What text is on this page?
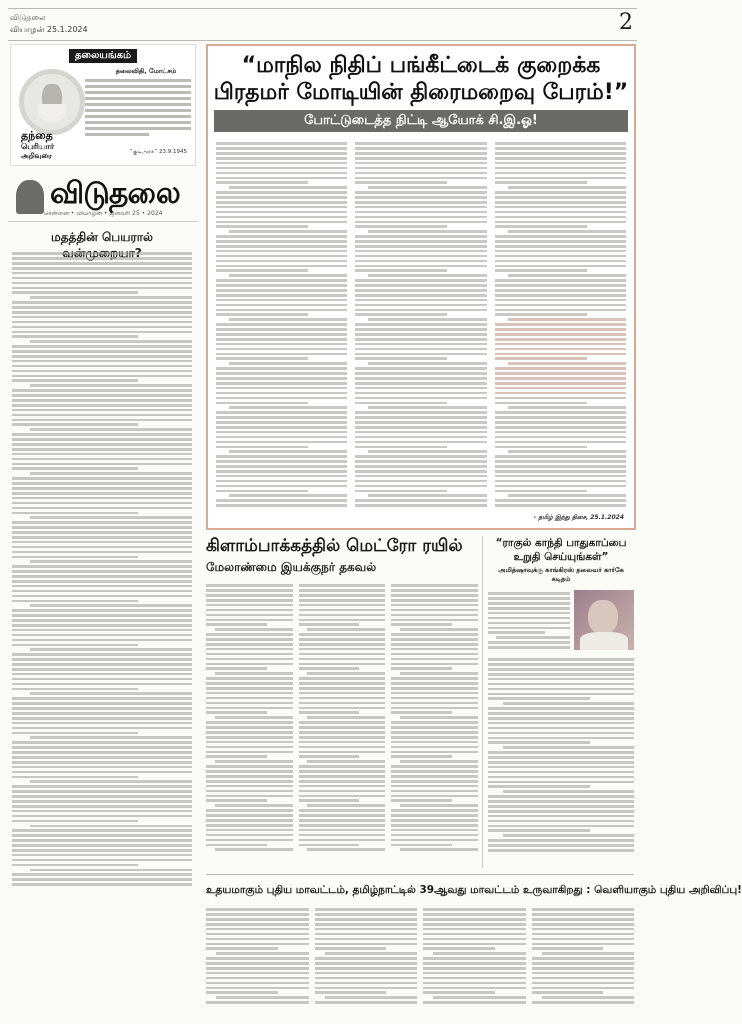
விடுதலை
வியாழன் 25.1.2024	2
தலையங்கம்
தந்தை
பெரியார்
அறிவுரை
தலைவிதி, மோட்சம்
“குடிஅரசு” 23.9.1945
விடுதலை
சென்னை • வியாழன் • ஜனவரி 25 • 2024
மதத்தின் பெயரால்
“மாநில நிதிப் பங்கீட்டைக் குறைக்க பிரதமர் மோடியின் திரைமறைவு பேரம்!”
போட்டுடைத்த நிட்டி ஆயோக் சி.இ.ஓ!
- தமிழ் இந்து திசை, 25.1.2024
கிளாம்பாக்கத்தில் மெட்ரோ ரயில்
மேலாண்மை இயக்குநர் தகவல்
“ராகுல் காந்தி பாதுகாப்பை உறுதி செய்யுங்கள்”
அமித்ஷாவுக்கு காங்கிரஸ் தலைவர் கார்கே கடிதம்
உதயமாகும் புதிய மாவட்டம், தமிழ்நாட்டில் 39ஆவது மாவட்டம் உருவாகிறது : வெளியாகும் புதிய அறிவிப்பு!
